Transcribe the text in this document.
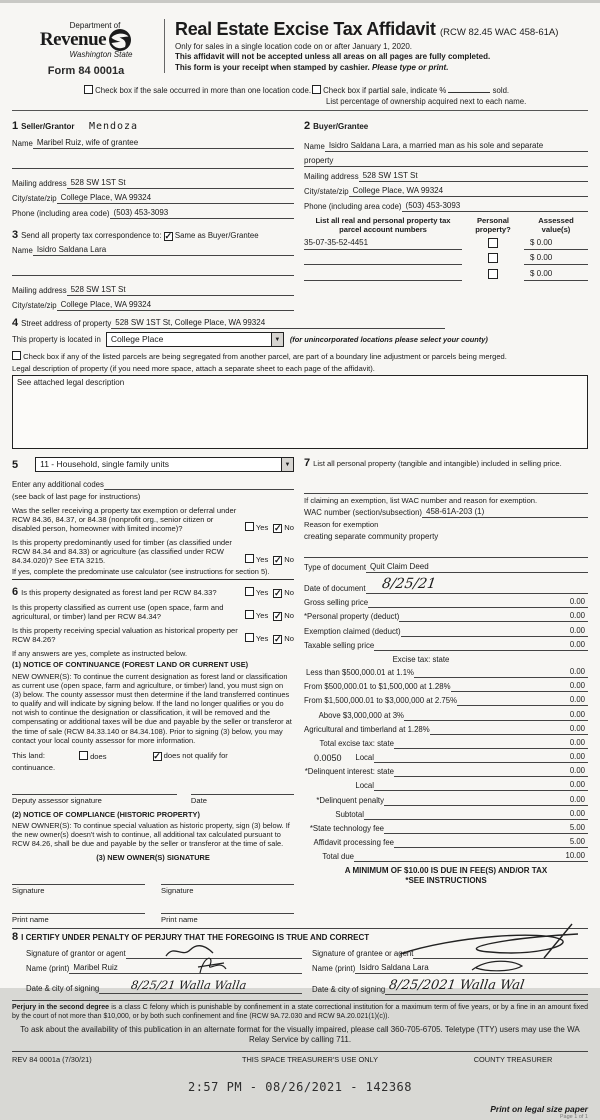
Department of
Revenue
Washington State
Form 84 0001a
Real Estate Excise Tax Affidavit (RCW 82.45 WAC 458-61A)
Only for sales in a single location code on or after January 1, 2020.
This affidavit will not be accepted unless all areas on all pages are fully completed.
This form is your receipt when stamped by cashier. Please type or print.
Check box if the sale occurred in more than one location code.	Check box if partial sale, indicate %	sold.
List percentage of ownership acquired next to each name.
1 Seller/Grantor Mendoza
Name Maribel Ruiz, wife of grantee
Mailing address 528 SW 1ST St
City/state/zip College Place, WA 99324
Phone (including area code) (503) 453-3093
3 Send all property tax correspondence to: ✓ Same as Buyer/Grantee
Name Isidro Saldana Lara
Mailing address 528 SW 1ST St
City/state/zip College Place, WA 99324
2 Buyer/Grantee
Name Isidro Saldana Lara, a married man as his sole and separate
property
Mailing address 528 SW 1ST St
City/state/zip College Place, WA 99324
Phone (including area code) (503) 453-3093
List all real and personal property tax parcel account numbers
Personal property?
Assessed value(s)
35-07-35-52-4451	$ 0.00
$ 0.00
$ 0.00
4 Street address of property 528 SW 1ST St, College Place, WA 99324
This property is located in	College Place	▼	(for unincorporated locations please select your county)
Check box if any of the listed parcels are being segregated from another parcel, are part of a boundary line adjustment or parcels being merged.
Legal description of property (if you need more space, attach a separate sheet to each page of the affidavit).
See attached legal description
5	11 - Household, single family units	▼
Enter any additional codes
(see back of last page for instructions)
Was the seller receiving a property tax exemption or deferral under RCW 84.36, 84.37, or 84.38 (nonprofit org., senior citizen or disabled person, homeowner with limited income)?	Yes ✓ No
Is this property predominantly used for timber (as classified under RCW 84.34 and 84.33) or agriculture (as classified under RCW 84.34.020)? See ETA 3215.	Yes ✓ No
If yes, complete the predominate use calculator (see instructions for section 5).
6 Is this property designated as forest land per RCW 84.33?	Yes ✓ No
Is this property classified as current use (open space, farm and agricultural, or timber) land per RCW 84.34?	Yes ✓ No
Is this property receiving special valuation as historical property per RCW 84.26?	Yes ✓ No
If any answers are yes, complete as instructed below.
(1) NOTICE OF CONTINUANCE (FOREST LAND OR CURRENT USE)
NEW OWNER(S): To continue the current designation as forest land or classification as current use (open space, farm and agriculture, or timber) land, you must sign on (3) below. The county assessor must then determine if the land transferred continues to qualify and will indicate by signing below. If the land no longer qualifies or you do not wish to continue the designation or classification, it will be removed and the compensating or additional taxes will be due and payable by the seller or transferor at the time of sale (RCW 84.33.140 or 84.34.108). Prior to signing (3) below, you may contact your local county assessor for more information.
This land:	does	✓ does not qualify for
continuance.
Deputy assessor signature	Date
(2) NOTICE OF COMPLIANCE (HISTORIC PROPERTY)
NEW OWNER(S): To continue special valuation as historic property, sign (3) below. If the new owner(s) doesn't wish to continue, all additional tax calculated pursuant to RCW 84.26, shall be due and payable by the seller or transferor at the time of sale.
(3) NEW OWNER(S) SIGNATURE
Signature	Signature
Print name	Print name
7 List all personal property (tangible and intangible) included in selling price.
If claiming an exemption, list WAC number and reason for exemption.
WAC number (section/subsection) 458-61A-203 (1)
Reason for exemption
creating separate community property
Type of document Quit Claim Deed
Date of document	8/25/21
Gross selling price	0.00
*Personal property (deduct)	0.00
Exemption claimed (deduct)	0.00
Taxable selling price	0.00
Excise tax: state
Less than $500,000.01 at 1.1%	0.00
From $500,000.01 to $1,500,000 at 1.28%	0.00
From $1,500,000.01 to $3,000,000 at 2.75%	0.00
Above $3,000,000 at 3%	0.00
Agricultural and timberland at 1.28%	0.00
Total excise tax: state	0.00
0.0050 Local	0.00
*Delinquent interest: state	0.00
Local	0.00
*Delinquent penalty	0.00
Subtotal	0.00
*State technology fee	5.00
Affidavit processing fee	5.00
Total due	10.00
A MINIMUM OF $10.00 IS DUE IN FEE(S) AND/OR TAX
*SEE INSTRUCTIONS
8 I CERTIFY UNDER PENALTY OF PERJURY THAT THE FOREGOING IS TRUE AND CORRECT
Signature of grantor or agent
Name (print) Maribel Ruiz
Date & city of signing	8/25/21 Walla Walla
Signature of grantee or agent
Name (print) Isidro Saldana Lara
Date & city of signing 8/25/2021 Walla Wal
Perjury in the second degree is a class C felony which is punishable by confinement in a state correctional institution for a maximum term of five years, or by a fine in an amount fixed by the court of not more than $10,000, or by both such confinement and fine (RCW 9A.72.030 and RCW 9A.20.021(1)(c)).
To ask about the availability of this publication in an alternate format for the visually impaired, please call 360-705-6705. Teletype (TTY) users may use the WA Relay Service by calling 711.
REV 84 0001a (7/30/21)	THIS SPACE TREASURER'S USE ONLY	COUNTY TREASURER
2:57 PM - 08/26/2021 - 142368
Print on legal size paper
Page 1 of 1
